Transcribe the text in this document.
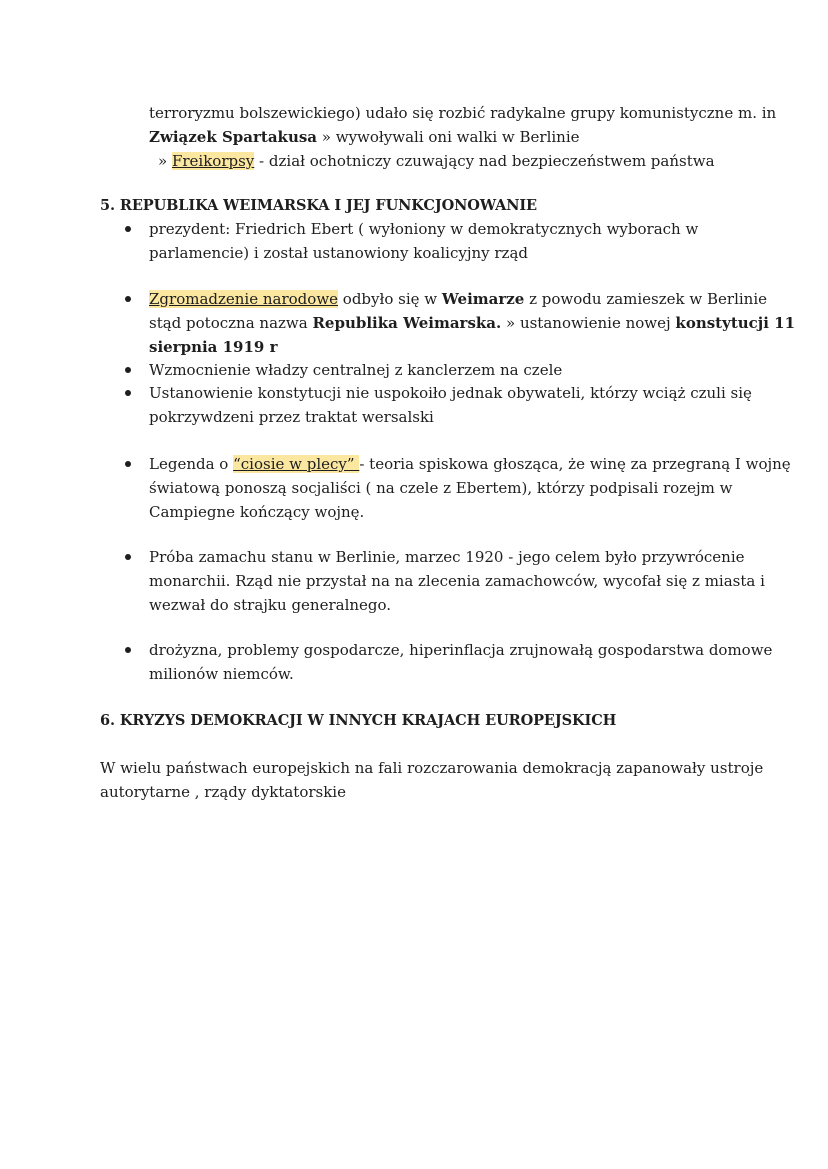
terroryzmu bolszewickiego) udało się rozbić radykalne grupy komunistyczne m. in
Związek Spartakusa » wywoływali oni walki w Berlinie
» Freikorpsy - dział ochotniczy czuwający nad bezpieczeństwem państwa
5. REPUBLIKA WEIMARSKA I JEJ FUNKCJONOWANIE
prezydent: Friedrich Ebert ( wyłoniony w demokratycznych wyborach w
parlamencie) i został ustanowiony koalicyjny rząd
Zgromadzenie narodowe odbyło się w Weimarze z powodu zamieszek w Berlinie
stąd potoczna nazwa Republika Weimarska. » ustanowienie nowej konstytucji 11
sierpnia 1919 r
Wzmocnienie władzy centralnej z kanclerzem na czele
Ustanowienie konstytucji nie uspokoiło jednak obywateli, którzy wciąż czuli się
pokrzywdzeni przez traktat wersalski
Legenda o “ciosie w plecy” - teoria spiskowa głosząca, że winę za przegraną I wojnę
światową ponoszą socjaliści ( na czele z Ebertem), którzy podpisali rozejm w
Campiegne kończący wojnę.
Próba zamachu stanu w Berlinie, marzec 1920 - jego celem było przywrócenie
monarchii. Rząd nie przystał na na zlecenia zamachowców, wycofał się z miasta i
wezwał do strajku generalnego.
drożyzna, problemy gospodarcze, hiperinflacja zrujnowałą gospodarstwa domowe
milionów niemców.
6. KRYZYS DEMOKRACJI W INNYCH KRAJACH EUROPEJSKICH
W wielu państwach europejskich na fali rozczarowania demokracją zapanowały ustroje
autorytarne , rządy dyktatorskie
